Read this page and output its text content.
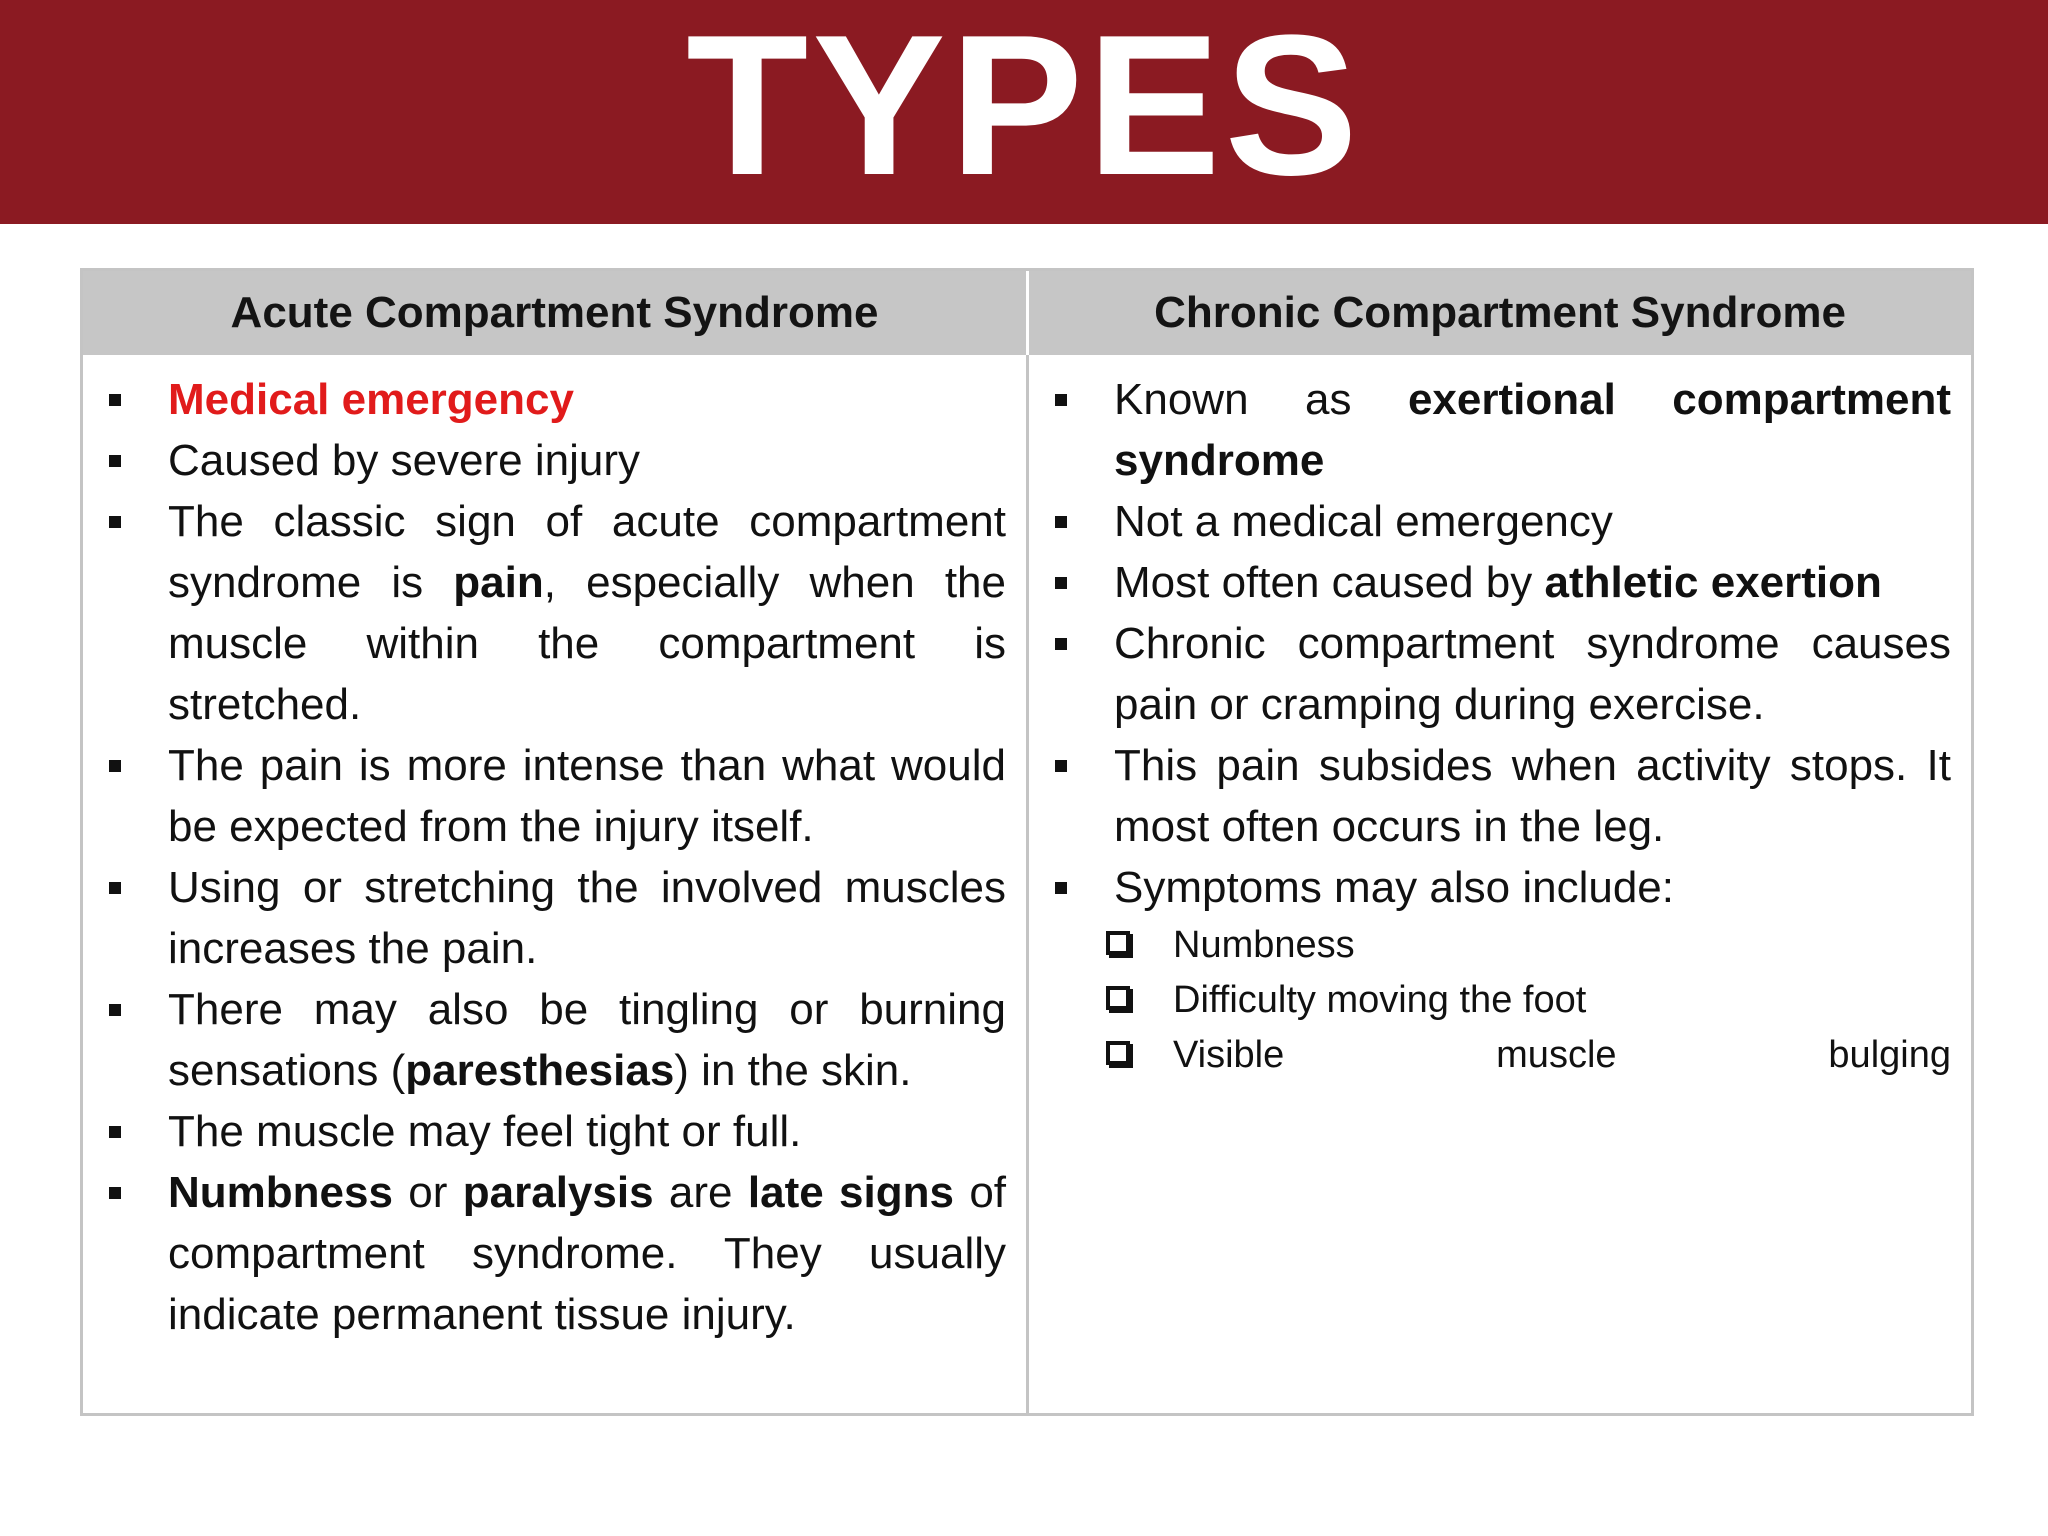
TYPES
Acute Compartment Syndrome	Chronic Compartment Syndrome
Medical emergency
Caused by severe injury
The classic sign of acute compartment syndrome is pain, especially when the muscle within the compartment is stretched.
The pain is more intense than what would be expected from the injury itself.
Using or stretching the involved muscles increases the pain.
There may also be tingling or burning sensations (paresthesias) in the skin.
The muscle may feel tight or full.
Numbness or paralysis are late signs of compartment syndrome. They usually indicate permanent tissue injury.
Known as exertional compartment syndrome
Not a medical emergency
Most often caused by athletic exertion
Chronic compartment syndrome causes pain or cramping during exercise.
This pain subsides when activity stops. It most often occurs in the leg.
Symptoms may also include:
Numbness
Difficulty moving the foot
Visible	muscle	bulging
